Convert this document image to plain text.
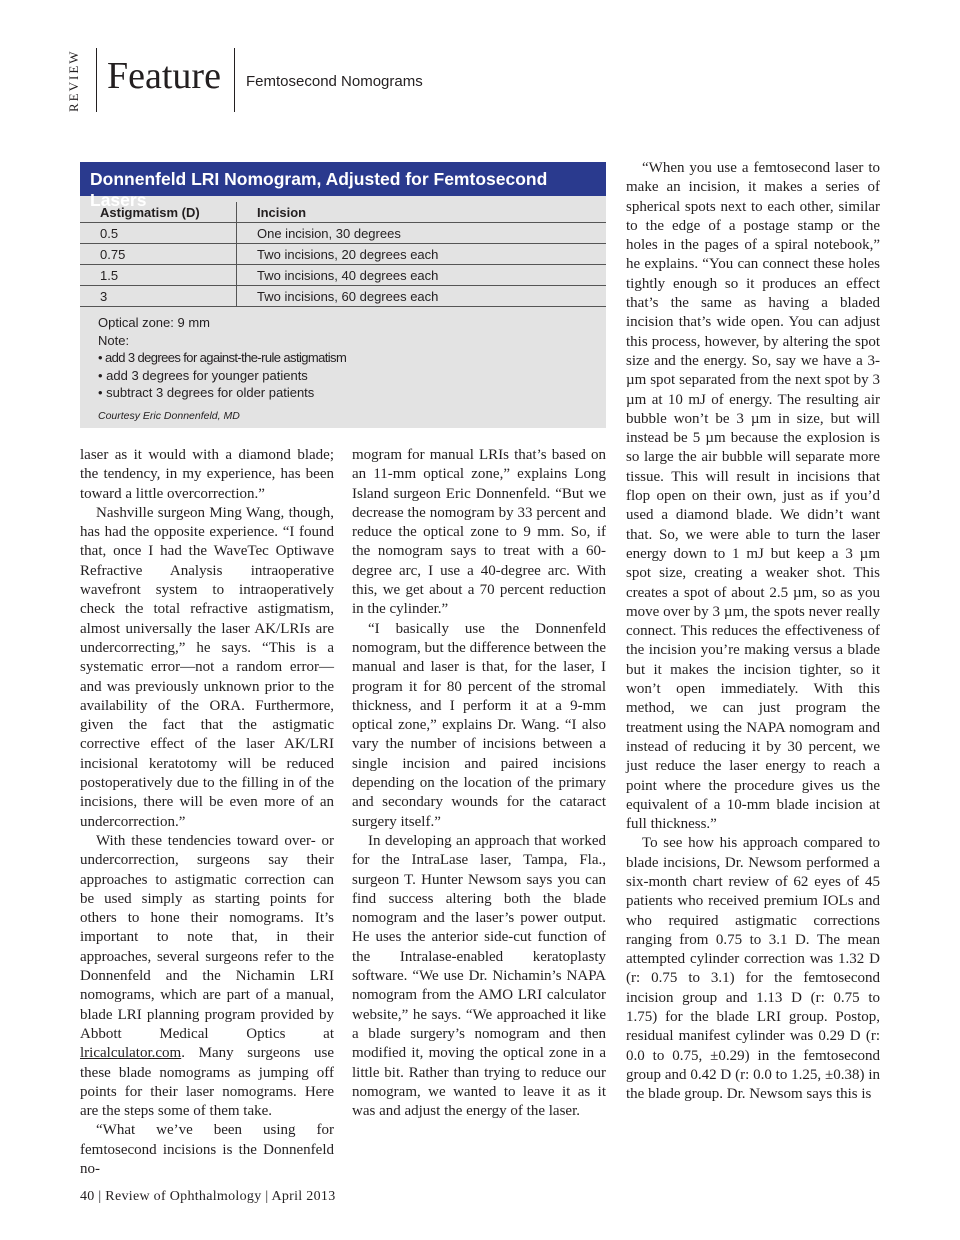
REVIEW Feature Femtosecond Nomograms
Donnenfeld LRI Nomogram, Adjusted for Femtosecond Lasers
Astigmatism (D)	Incision
0.5	One incision, 30 degrees
0.75	Two incisions, 20 degrees each
1.5	Two incisions, 40 degrees each
3	Two incisions, 60 degrees each
Optical zone: 9 mm
Note:
• add 3 degrees for against-the-rule astigmatism
• add 3 degrees for younger patients
• subtract 3 degrees for older patients
Courtesy Eric Donnenfeld, MD

laser as it would with a diamond blade; the tendency, in my experience, has been toward a little overcorrection.”

Nashville surgeon Ming Wang, though, has had the opposite experience. “I found that, once I had the WaveTec Optiwave Refractive Analysis intraoperative wavefront system to intraoperatively check the total refractive astigmatism, almost universally the laser AK/LRIs are undercorrecting,” he says. “This is a systematic error—not a random error—and was previously unknown prior to the availability of the ORA. Furthermore, given the fact that the astigmatic corrective effect of the laser AK/LRI incisional keratotomy will be reduced postoperatively due to the filling in of the incisions, there will be even more of an undercorrection.”

With these tendencies toward over- or undercorrection, surgeons say their approaches to astigmatic correction can be used simply as starting points for others to hone their nomograms. It’s important to note that, in their approaches, several surgeons refer to the Donnenfeld and the Nichamin LRI nomograms, which are part of a manual, blade LRI planning program provided by Abbott Medical Optics at lricalculator.com. Many surgeons use these blade nomograms as jumping off points for their laser nomograms. Here are the steps some of them take.

“What we’ve been using for femtosecond incisions is the Donnenfeld no-

mogram for manual LRIs that’s based on an 11-mm optical zone,” explains Long Island surgeon Eric Donnenfeld. “But we decrease the nomogram by 33 percent and reduce the optical zone to 9 mm. So, if the nomogram says to treat with a 60-degree arc, I use a 40-degree arc. With this, we get about a 70 percent reduction in the cylinder.”

“I basically use the Donnenfeld nomogram, but the difference between the manual and laser is that, for the laser, I program it for 80 percent of the stromal thickness, and I perform it at a 9-mm optical zone,” explains Dr. Wang. “I also vary the number of incisions between a single incision and paired incisions depending on the location of the primary and secondary wounds for the cataract surgery itself.”

In developing an approach that worked for the IntraLase laser, Tampa, Fla., surgeon T. Hunter Newsom says you can find success altering both the blade nomogram and the laser’s power output. He uses the anterior side-cut function of the Intralase-enabled keratoplasty software. “We use Dr. Nichamin’s NAPA nomogram from the AMO LRI calculator website,” he says. “We approached it like a blade surgery’s nomogram and then modified it, moving the optical zone in a little bit. Rather than trying to reduce our nomogram, we wanted to leave it as it was and adjust the energy of the laser.

“When you use a femtosecond laser to make an incision, it makes a series of spherical spots next to each other, similar to the edge of a postage stamp or the holes in the pages of a spiral notebook,” he explains. “You can connect these holes tightly enough so it produces an effect that’s the same as having a bladed incision that’s wide open. You can adjust this process, however, by altering the spot size and the energy. So, say we have a 3-µm spot separated from the next spot by 3 µm at 10 mJ of energy. The resulting air bubble won’t be 3 µm in size, but will instead be 5 µm because the explosion is so large the air bubble will separate more tissue. This will result in incisions that flop open on their own, just as if you’d used a diamond blade. We didn’t want that. So, we were able to turn the laser energy down to 1 mJ but keep a 3 µm spot size, creating a weaker shot. This creates a spot of about 2.5 µm, so as you move over by 3 µm, the spots never really connect. This reduces the effectiveness of the incision you’re making versus a blade but it makes the incision tighter, so it won’t open immediately. With this method, we can just program the treatment using the NAPA nomogram and instead of reducing it by 30 percent, we just reduce the laser energy to reach a point where the procedure gives us the equivalent of a 10-mm blade incision at full thickness.”

To see how his approach compared to blade incisions, Dr. Newsom performed a six-month chart review of 62 eyes of 45 patients who received premium IOLs and who required astigmatic corrections ranging from 0.75 to 3.1 D. The mean attempted cylinder correction was 1.32 D (r: 0.75 to 3.1) for the femtosecond incision group and 1.13 D (r: 0.75 to 1.75) for the blade LRI group. Postop, residual manifest cylinder was 0.29 D (r: 0.0 to 0.75, ±0.29) in the femtosecond group and 0.42 D (r: 0.0 to 1.25, ±0.38) in the blade group. Dr. Newsom says this is

40 | Review of Ophthalmology | April 2013
